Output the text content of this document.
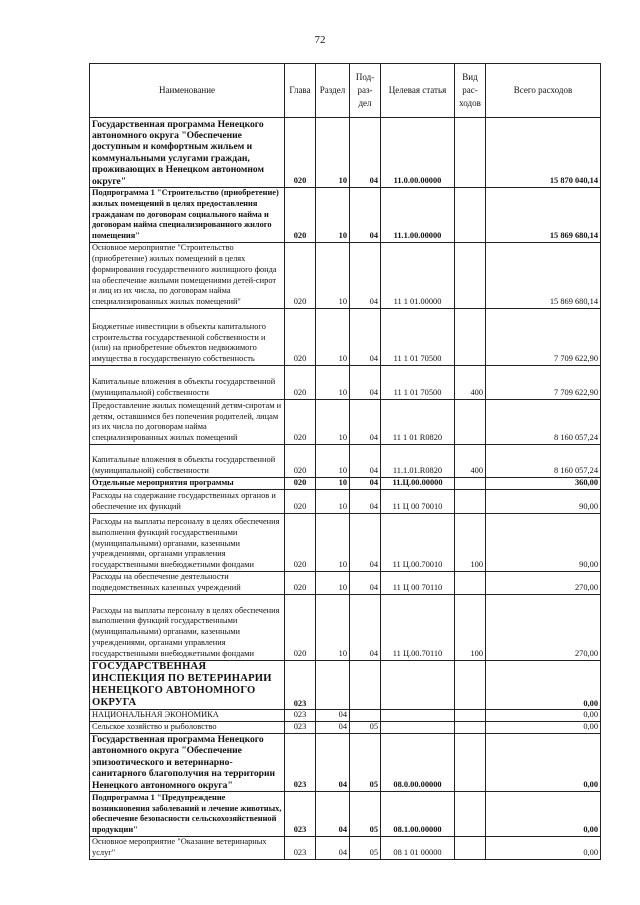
72
Наименование	Глава	Раздел	Под-раз-дел	Целевая статья	Вид рас-ходов	Всего расходов
Государственная программа Ненецкого автономного округа "Обеспечение доступным и комфортным жильем и коммунальными услугами граждан, проживающих в Ненецком автономном округе"	020	10	04	11.0.00.00000		15 870 040,14
Подпрограмма 1 "Строительство (приобретение) жилых помещений в целях предоставления гражданам по договорам социального найма и договорам найма специализированного жилого помещения"	020	10	04	11.1.00.00000		15 869 680,14
Основное мероприятие "Строительство (приобретение) жилых помещений в целях формирования государственного жилищного фонда на обеспечение жилыми помещениями детей-сирот и лиц из их числа, по договорам найма специализированных жилых помещений"	020	10	04	11 1 01.00000		15 869 680,14
Бюджетные инвестиции в объекты капитального строительства государственной собственности и (или) на приобретение объектов недвижимого имущества в государственную собственность	020	10	04	11 1 01 70500		7 709 622,90
Капитальные вложения в объекты государственной (муниципальной) собственности	020	10	04	11 1 01 70500	400	7 709 622,90
Предоставление жилых помещений детям-сиротам и детям, оставшимся без попечения родителей, лицам из их числа по договорам найма специализированных жилых помещений	020	10	04	11 1 01 R0820		8 160 057,24
Капитальные вложения в объекты государственной (муниципальной) собственности	020	10	04	11.1.01.R0820	400	8 160 057,24
Отдельные мероприятия программы	020	10	04	11.Ц.00.00000		360,00
Расходы на содержание государственных органов и обеспечение их функций	020	10	04	11 Ц 00 70010		90,00
Расходы на выплаты персоналу в целях обеспечения выполнения функций государственными (муниципальными) органами, казенными учреждениями, органами управления государственными внебюджетными фондами	020	10	04	11 Ц.00.70010	100	90,00
Расходы на обеспечение деятельности подведомственных казенных учреждений	020	10	04	11 Ц 00 70110		270,00
Расходы на выплаты персоналу в целях обеспечения выполнения функций государственными (муниципальными) органами, казенными учреждениями, органами управления государственными внебюджетными фондами	020	10	04	11 Ц.00.70110	100	270,00
ГОСУДАРСТВЕННАЯ ИНСПЕКЦИЯ ПО ВЕТЕРИНАРИИ НЕНЕЦКОГО АВТОНОМНОГО ОКРУГА	023					0,00
НАЦИОНАЛЬНАЯ ЭКОНОМИКА	023	04				0,00
Сельское хозяйство и рыболовство	023	04	05			0,00
Государственная программа Ненецкого автономного округа "Обеспечение эпизоотического и ветеринарно-санитарного благополучия на территории Ненецкого автономного округа"	023	04	05	08.0.00.00000		0,00
Подпрограмма 1 "Предупреждение возникновения заболеваний и лечение животных, обеспечение безопасности сельскохозяйственной продукции"	023	04	05	08.1.00.00000		0,00
Основное мероприятие "Оказание ветеринарных услуг"	023	04	05	08 1 01 00000		0,00
